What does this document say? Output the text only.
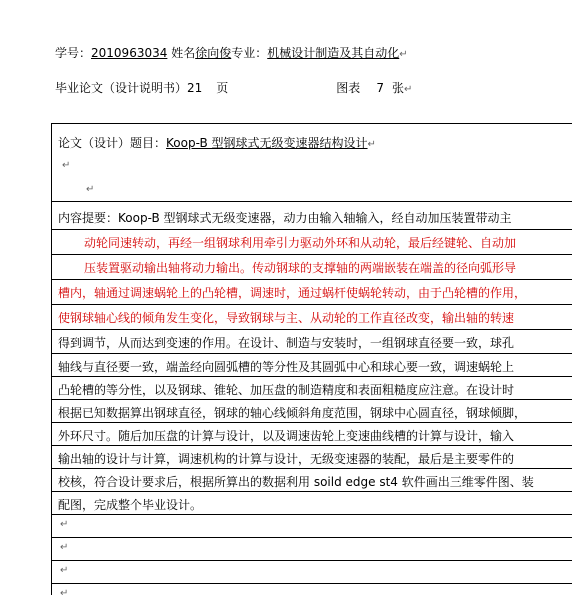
学号：2010963034 姓名徐向俊专业：机械设计制造及其自动化↵
毕业论文（设计说明书）21 页	图表 7 张↵
论文（设计）题目：Koop-B 型钢球式无级变速器结构设计↵
↵
↵
内容提要：Koop-B 型钢球式无级变速器，动力由输入轴输入，经自动加压装置带动主
动轮同速转动，再经一组钢球利用牵引力驱动外环和从动轮，最后经键轮、自动加
压装置驱动输出轴将动力输出。传动钢球的支撑轴的两端嵌装在端盖的径向弧形导
槽内，轴通过调速蜗轮上的凸轮槽，调速时，通过蜗杆使蜗轮转动，由于凸轮槽的作用，
使钢球轴心线的倾角发生变化，导致钢球与主、从动轮的工作直径改变，输出轴的转速
得到调节，从而达到变速的作用。在设计、制造与安装时，一组钢球直径要一致，球孔
轴线与直径要一致，端盖经向圆弧槽的等分性及其圆弧中心和球心要一致，调速蜗轮上
凸轮槽的等分性，以及钢球、锥轮、加压盘的制造精度和表面粗糙度应注意。在设计时
根据已知数据算出钢球直径，钢球的轴心线倾斜角度范围，钢球中心圆直径，钢球倾脚，
外环尺寸。随后加压盘的计算与设计，以及调速齿轮上变速曲线槽的计算与设计，输入
输出轴的设计与计算，调速机构的计算与设计，无级变速器的装配，最后是主要零件的
校核，符合设计要求后，根据所算出的数据利用 soild edge st4 软件画出三维零件图、装
配图，完成整个毕业设计。
↵
↵
↵
↵
